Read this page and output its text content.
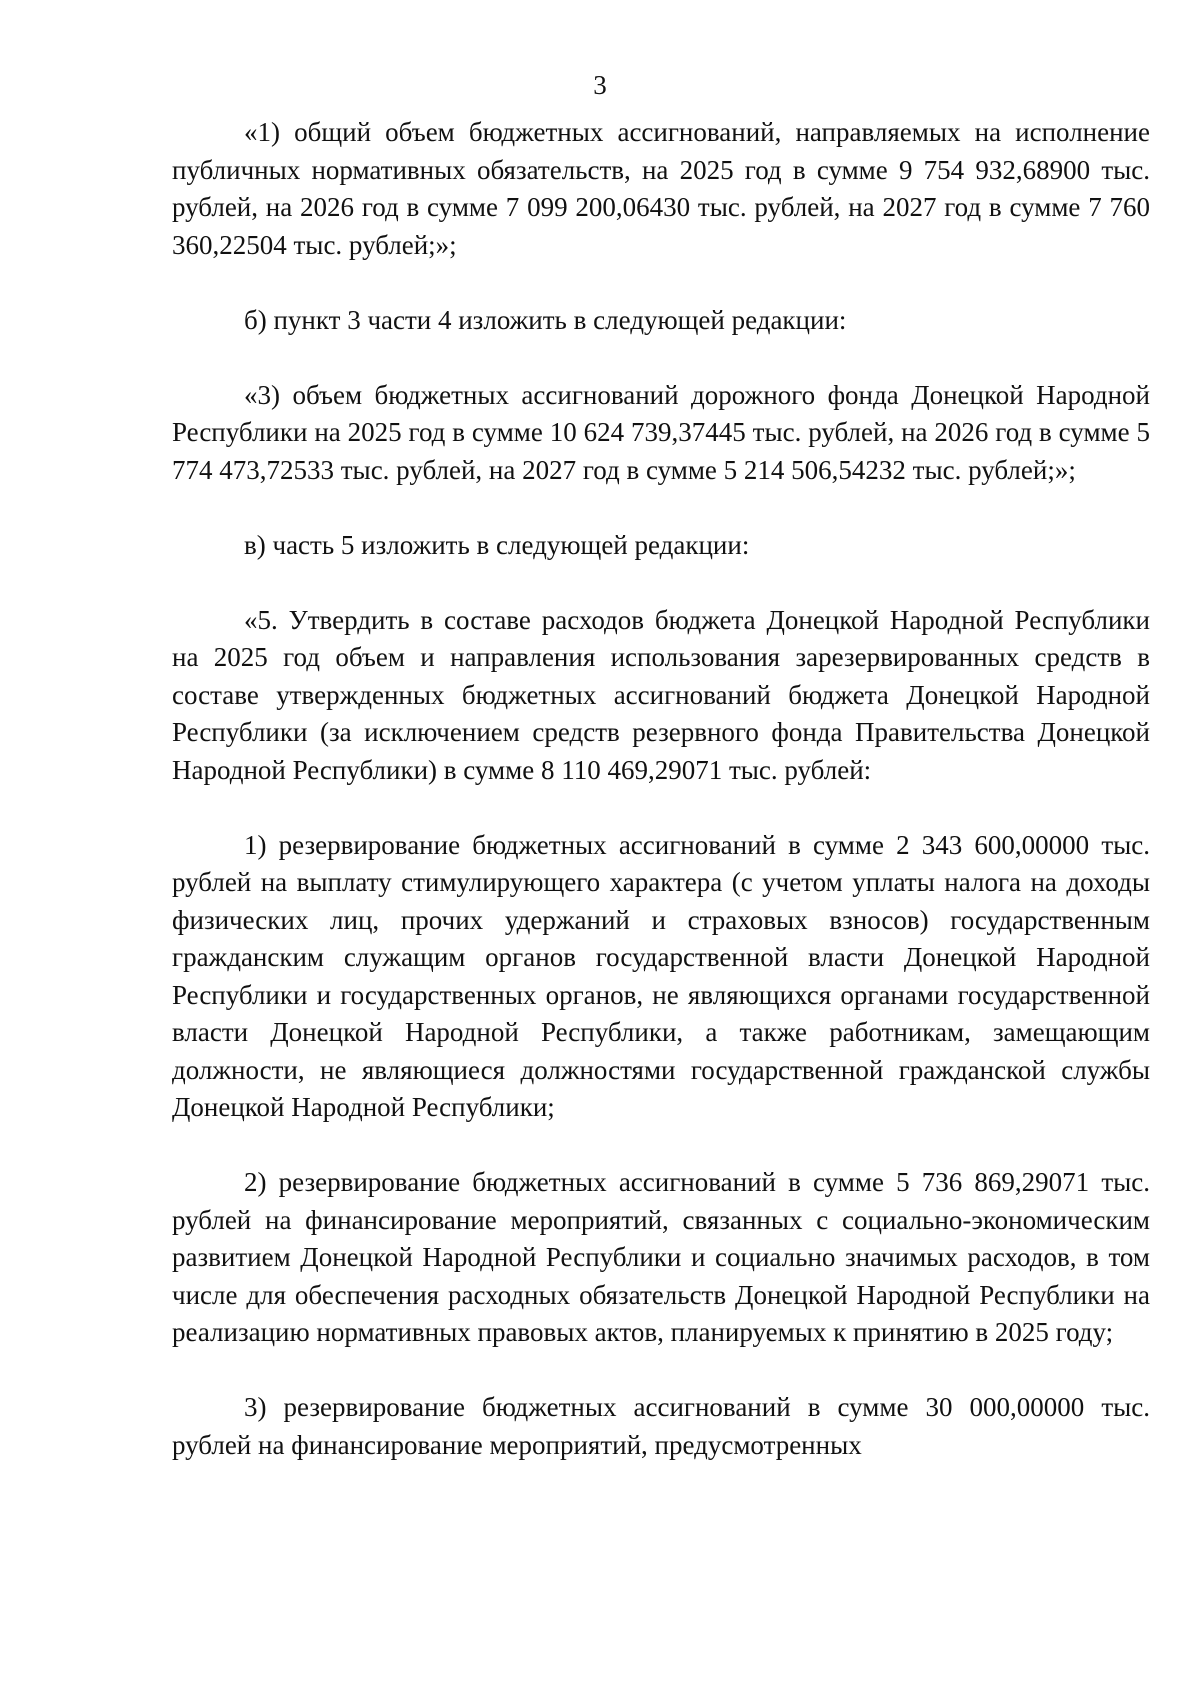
3

«1) общий объем бюджетных ассигнований, направляемых на исполнение публичных нормативных обязательств, на 2025 год в сумме 9 754 932,68900 тыс. рублей, на 2026 год в сумме 7 099 200,06430 тыс. рублей, на 2027 год в сумме 7 760 360,22504 тыс. рублей;»;

б) пункт 3 части 4 изложить в следующей редакции:

«3) объем бюджетных ассигнований дорожного фонда Донецкой Народной Республики на 2025 год в сумме 10 624 739,37445 тыс. рублей, на 2026 год в сумме 5 774 473,72533 тыс. рублей, на 2027 год в сумме 5 214 506,54232 тыс. рублей;»;

в) часть 5 изложить в следующей редакции:

«5. Утвердить в составе расходов бюджета Донецкой Народной Республики на 2025 год объем и направления использования зарезервированных средств в составе утвержденных бюджетных ассигнований бюджета Донецкой Народной Республики (за исключением средств резервного фонда Правительства Донецкой Народной Республики) в сумме 8 110 469,29071 тыс. рублей:

1) резервирование бюджетных ассигнований в сумме 2 343 600,00000 тыс. рублей на выплату стимулирующего характера (с учетом уплаты налога на доходы физических лиц, прочих удержаний и страховых взносов) государственным гражданским служащим органов государственной власти Донецкой Народной Республики и государственных органов, не являющихся органами государственной власти Донецкой Народной Республики, а также работникам, замещающим должности, не являющиеся должностями государственной гражданской службы Донецкой Народной Республики;

2) резервирование бюджетных ассигнований в сумме 5 736 869,29071 тыс. рублей на финансирование мероприятий, связанных с социально-экономическим развитием Донецкой Народной Республики и социально значимых расходов, в том числе для обеспечения расходных обязательств Донецкой Народной Республики на реализацию нормативных правовых актов, планируемых к принятию в 2025 году;

3) резервирование бюджетных ассигнований в сумме 30 000,00000 тыс. рублей на финансирование мероприятий, предусмотренных
